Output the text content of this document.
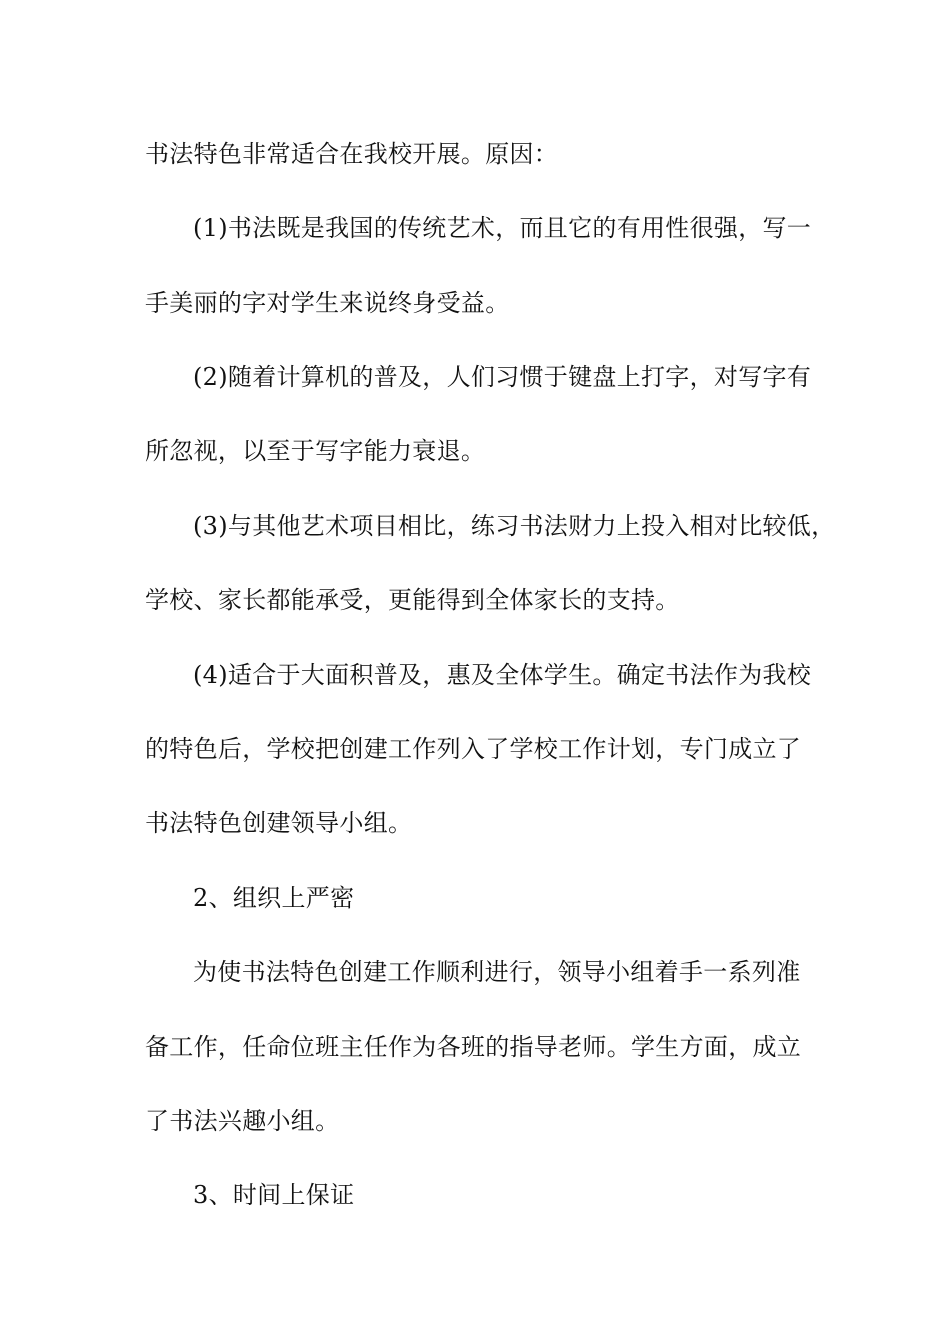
书法特色非常适合在我校开展。原因：
(1)书法既是我国的传统艺术，而且它的有用性很强，写一
手美丽的字对学生来说终身受益。
(2)随着计算机的普及，人们习惯于键盘上打字，对写字有
所忽视，以至于写字能力衰退。
(3)与其他艺术项目相比，练习书法财力上投入相对比较低，
学校、家长都能承受，更能得到全体家长的支持。
(4)适合于大面积普及，惠及全体学生。确定书法作为我校
的特色后，学校把创建工作列入了学校工作计划，专门成立了
书法特色创建领导小组。
2、组织上严密
为使书法特色创建工作顺利进行，领导小组着手一系列准
备工作，任命位班主任作为各班的指导老师。学生方面，成立
了书法兴趣小组。
3、时间上保证
